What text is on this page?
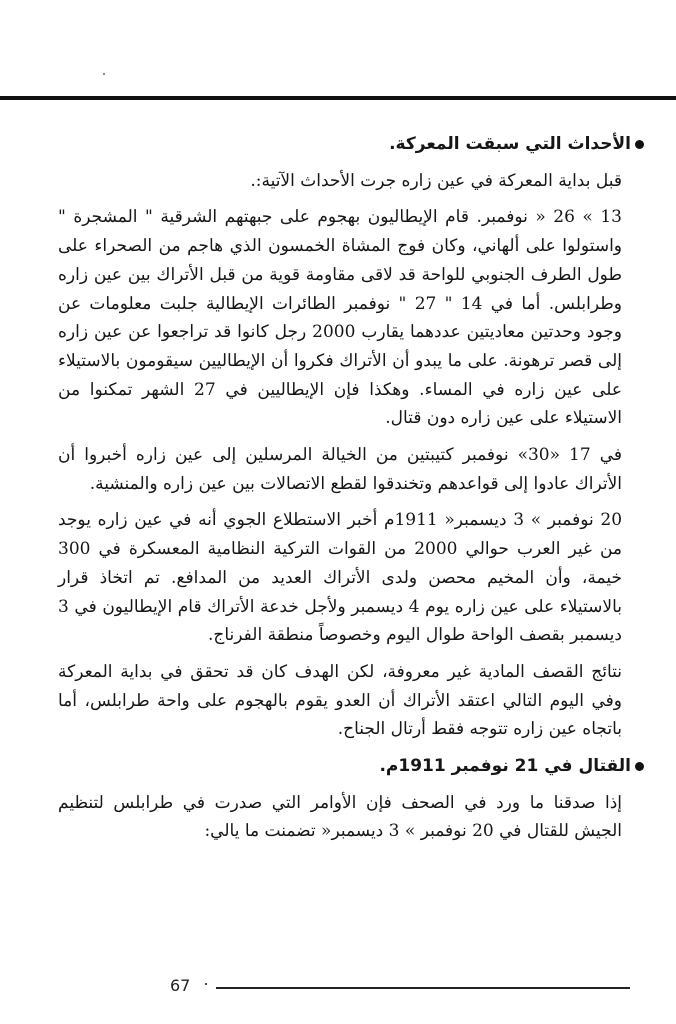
الأحداث التي سبقت المعركة.

قبل بداية المعركة في عين زاره جرت الأحداث الآتية:.

13 » 26 « نوفمبر. قام الإيطاليون بهجوم على جبهتهم الشرقية " المشجرة " واستولوا على ألهاني، وكان فوج المشاة الخمسون الذي هاجم من الصحراء على طول الطرف الجنوبي للواحة قد لاقى مقاومة قوية من قبل الأتراك بين عين زاره وطرابلس. أما في 14 " 27 " نوفمبر الطائرات الإيطالية جلبت معلومات عن وجود وحدتين معاديتين عددهما يقارب 2000 رجل كانوا قد تراجعوا عن عين زاره إلى قصر ترهونة. على ما يبدو أن الأتراك فكروا أن الإيطاليين سيقومون بالاستيلاء على عين زاره في المساء. وهكذا فإن الإيطاليين في 27 الشهر تمكنوا من الاستيلاء على عين زاره دون قتال.

في 17 «30» نوفمبر كتيبتين من الخيالة المرسلين إلى عين زاره أخبروا أن الأتراك عادوا إلى قواعدهم وتخندقوا لقطع الاتصالات بين عين زاره والمنشية.

20 نوفمبر » 3 ديسمبر« 1911م أخبر الاستطلاع الجوي أنه في عين زاره يوجد من غير العرب حوالي 2000 من القوات التركية النظامية المعسكرة في 300 خيمة، وأن المخيم محصن ولدى الأتراك العديد من المدافع. تم اتخاذ قرار بالاستيلاء على عين زاره يوم 4 ديسمبر ولأجل خدعة الأتراك قام الإيطاليون في 3 ديسمبر بقصف الواحة طوال اليوم وخصوصاً منطقة الفرناج.

نتائج القصف المادية غير معروفة، لكن الهدف كان قد تحقق في بداية المعركة وفي اليوم التالي اعتقد الأتراك أن العدو يقوم بالهجوم على واحة طرابلس، أما باتجاه عين زاره تتوجه فقط أرتال الجناح.

القتال في 21 نوفمبر 1911م.

إذا صدقنا ما ورد في الصحف فإن الأوامر التي صدرت في طرابلس لتنظيم الجيش للقتال في 20 نوفمبر » 3 ديسمبر« تضمنت ما يالي:

67
